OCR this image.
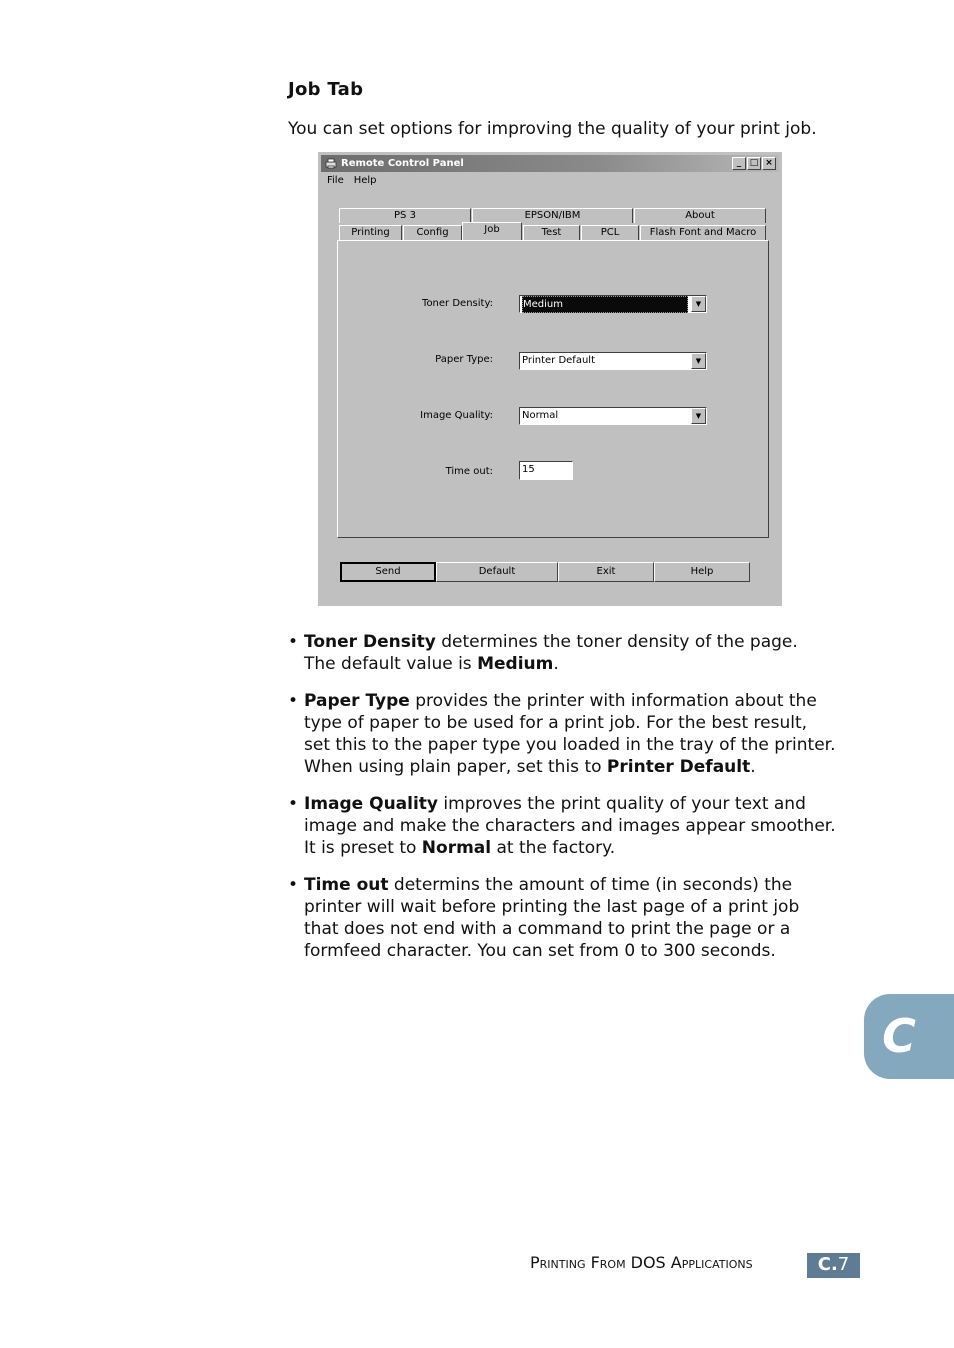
Job Tab
You can set options for improving the quality of your print job.
Remote Control Panel	_ □ ×
File Help
PS 3	EPSON/IBM	About
Printing	Config	Job	Test	PCL	Flash Font and Macro
Toner Density:	Medium	▼
Paper Type:	Printer Default	▼
Image Quality:	Normal	▼
Time out:	15
Send	Default	Exit	Help
• Toner Density determines the toner density of the page.
The default value is Medium.
• Paper Type provides the printer with information about the
type of paper to be used for a print job. For the best result,
set this to the paper type you loaded in the tray of the printer.
When using plain paper, set this to Printer Default.
• Image Quality improves the print quality of your text and
image and make the characters and images appear smoother.
It is preset to Normal at the factory.
• Time out determins the amount of time (in seconds) the
printer will wait before printing the last page of a print job
that does not end with a command to print the page or a
formfeed character. You can set from 0 to 300 seconds.
C
Printing From DOS Applications	C.7
